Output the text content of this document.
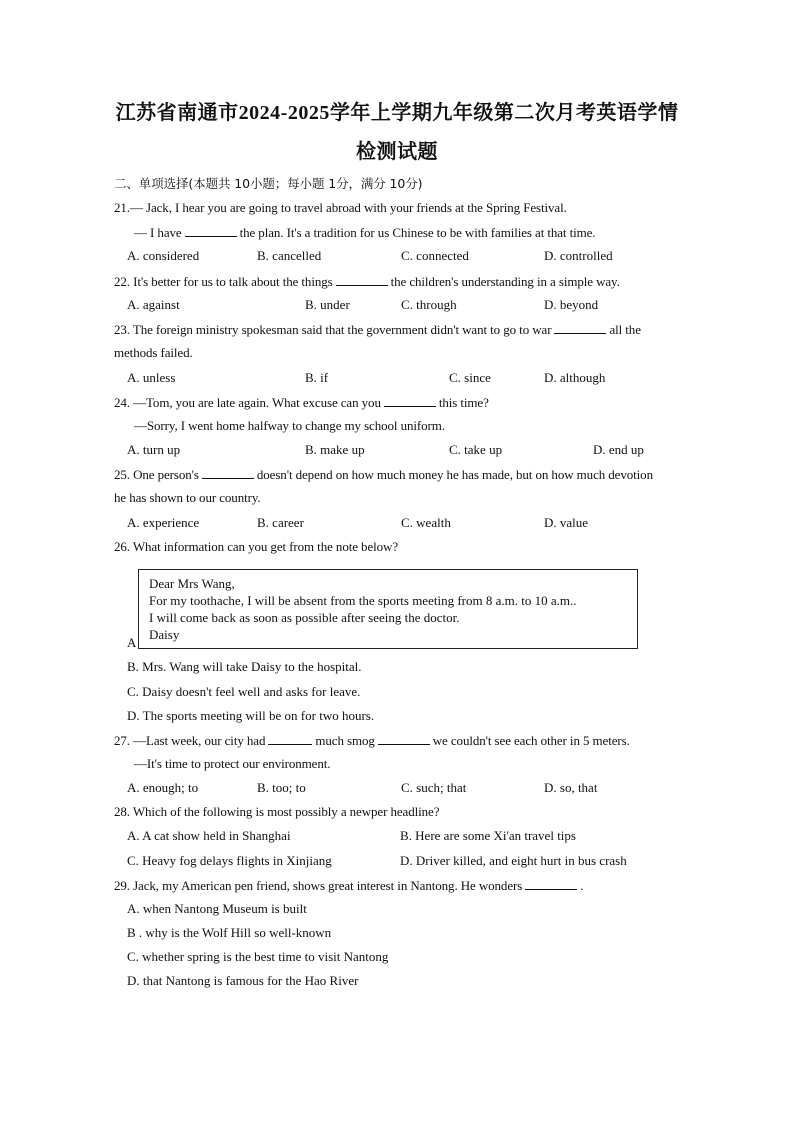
江苏省南通市2024-2025学年上学期九年级第二次月考英语学情
检测试题
二、单项选择(本题共 10小题；每小题 1分，满分 10分)
21.— Jack, I hear you are going to travel abroad with your friends at the Spring Festival.
— I have	the plan. It's a tradition for us Chinese to be with families at that time.
A. considered	B. cancelled	C. connected	D. controlled
22. It's better for us to talk about the things	the children's understanding in a simple way.
A. against	B. under	C. through	D. beyond
23. The foreign ministry spokesman said that the government didn't want to go to war	all the
methods failed.
A. unless	B. if	C. since	D. although
24. —Tom, you are late again. What excuse can you	this time?
—Sorry, I went home halfway to change my school uniform.
A. turn up	B. make up	C. take up	D. end up
25. One person's	doesn't depend on how much money he has made, but on how much devotion
he has shown to our country.
A. experience	B. career	C. wealth	D. value
26. What information can you get from the note below?
A
Dear Mrs Wang,
For my toothache, I will be absent from the sports meeting from 8 a.m. to 10 a.m..
I will come back as soon as possible after seeing the doctor.
Daisy
B. Mrs. Wang will take Daisy to the hospital.
C. Daisy doesn't feel well and asks for leave.
D. The sports meeting will be on for two hours.
27. —Last week, our city had	much smog	we couldn't see each other in 5 meters.
—It's time to protect our environment.
A. enough; to	B. too; to	C. such; that	D. so, that
28. Which of the following is most possibly a newper headline?
A. A cat show held in Shanghai	B. Here are some Xi'an travel tips
C. Heavy fog delays flights in Xinjiang	D. Driver killed, and eight hurt in bus crash
29. Jack, my American pen friend, shows great interest in Nantong. He wonders	.
A. when Nantong Museum is built
B . why is the Wolf Hill so well-known
C. whether spring is the best time to visit Nantong
D. that Nantong is famous for the Hao River
